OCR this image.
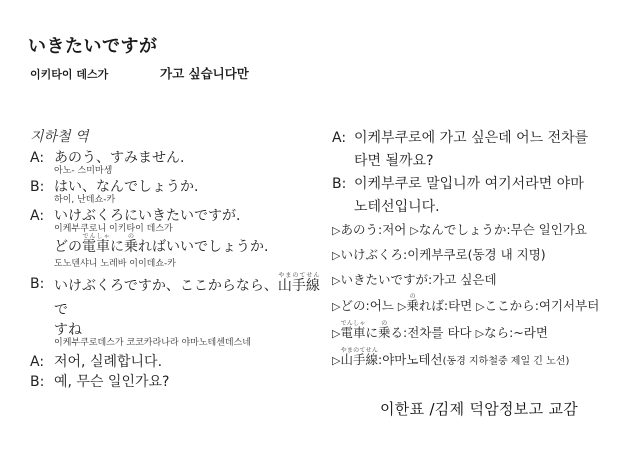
いきたいですが
이키타이 데스가	가고 싶습니다만
지하철 역
A: あのう、すみません.
아노- 스미마셍
B: はい、なんでしょうか.
하이, 난데쇼-카
A: いけぶくろにいきたいですが.
이케부쿠로니 이키타이 데스가
どの電車でんしゃに乗のればいいでしょうか.
도노덴샤니 노레바 이이데쇼-카
B: いけぶくろですか、ここからなら、山手線やまのてせんで
すね
이케부쿠로데스가 코코카라나라 야마노테센데스네
A: 저어, 실례합니다.
B: 예, 무슨 일인가요?
A: 이케부쿠로에 가고 싶은데 어느 전차를
타면 될까요?
B: 이케부쿠로 말입니까 여기서라면 야마
노테선입니다.
▷あのう:저어 ▷なんでしょうか:무슨 일인가요
▷いけぶくろ:이케부쿠로(동경 내 지명)
▷いきたいですが:가고 싶은데
▷どの:어느 ▷乗のれば:타면 ▷ここから:여기서부터
▷電車でんしゃに乗のる:전차를 타다 ▷なら:~라면
▷山手線やまのてせん:야마노테선(동경 지하철중 제일 긴 노선)
이한표 /김제 덕암정보고 교감
